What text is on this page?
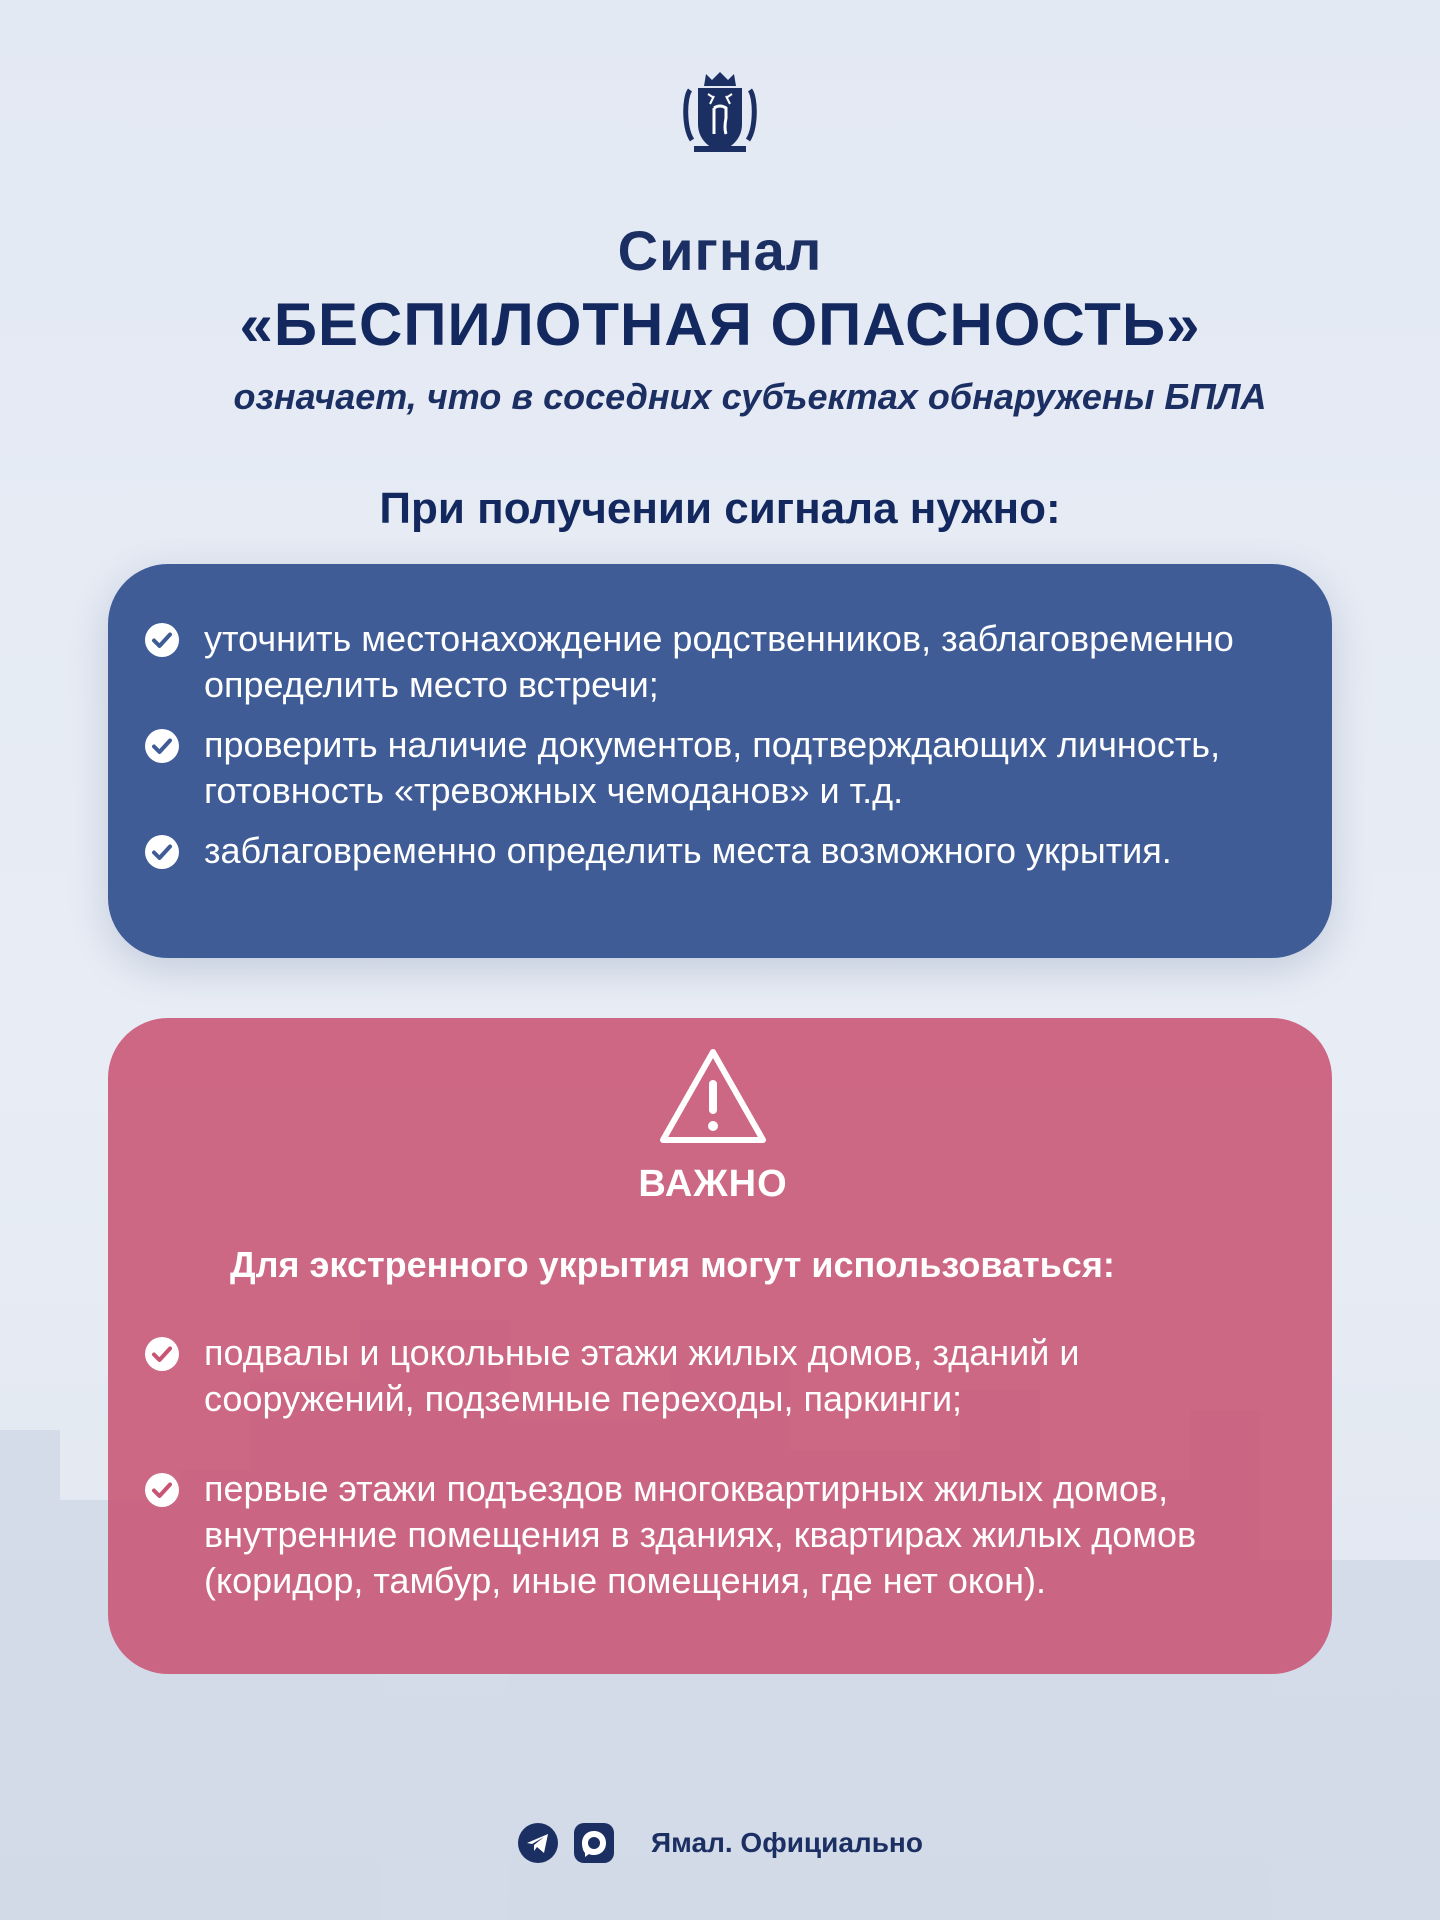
Сигнал
«БЕСПИЛОТНАЯ ОПАСНОСТЬ»
означает, что в соседних субъектах обнаружены БПЛА
При получении сигнала нужно:
уточнить местонахождение родственников, заблаговременно определить место встречи;
проверить наличие документов, подтверждающих личность, готовность «тревожных чемоданов» и т.д.
заблаговременно определить места возможного укрытия.
ВАЖНО
Для экстренного укрытия могут использоваться:
подвалы и цокольные этажи жилых домов, зданий и сооружений, подземные переходы, паркинги;
первые этажи подъездов многоквартирных жилых домов, внутренние помещения в зданиях, квартирах жилых домов (коридор, тамбур, иные помещения, где нет окон).
Ямал. Официально
